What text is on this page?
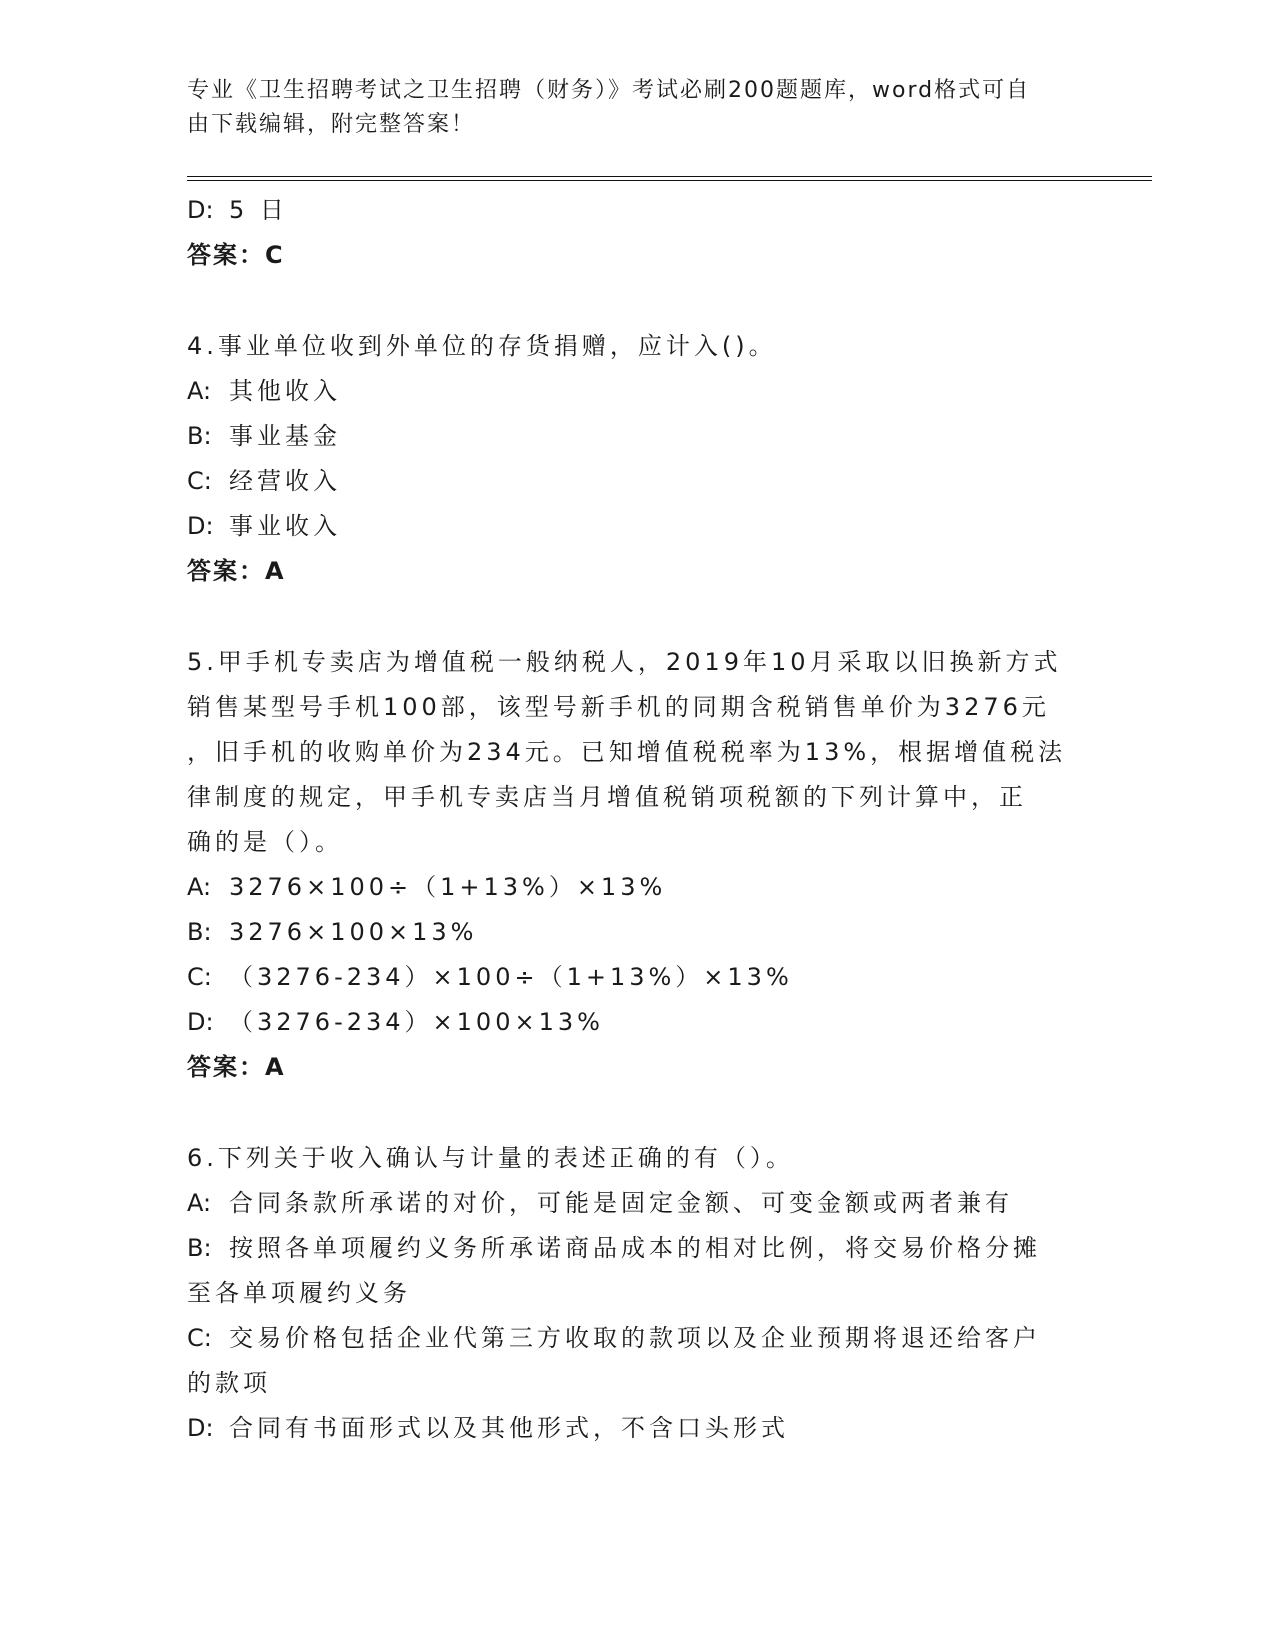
专业《卫生招聘考试之卫生招聘（财务）》考试必刷200题题库，word格式可自
由下载编辑，附完整答案！
D: 5 日
答案：C
4.事业单位收到外单位的存货捐赠，应计入()。
A: 其他收入
B: 事业基金
C: 经营收入
D: 事业收入
答案：A
5.甲手机专卖店为增值税一般纳税人，2019年10月采取以旧换新方式
销售某型号手机100部，该型号新手机的同期含税销售单价为3276元
，旧手机的收购单价为234元。已知增值税税率为13%，根据增值税法
律制度的规定，甲手机专卖店当月增值税销项税额的下列计算中，正
确的是（）。
A: 3276×100÷（1+13%）×13%
B: 3276×100×13%
C: （3276-234）×100÷（1+13%）×13%
D: （3276-234）×100×13%
答案：A
6.下列关于收入确认与计量的表述正确的有（）。
A: 合同条款所承诺的对价，可能是固定金额、可变金额或两者兼有
B: 按照各单项履约义务所承诺商品成本的相对比例，将交易价格分摊
至各单项履约义务
C: 交易价格包括企业代第三方收取的款项以及企业预期将退还给客户
的款项
D: 合同有书面形式以及其他形式，不含口头形式
